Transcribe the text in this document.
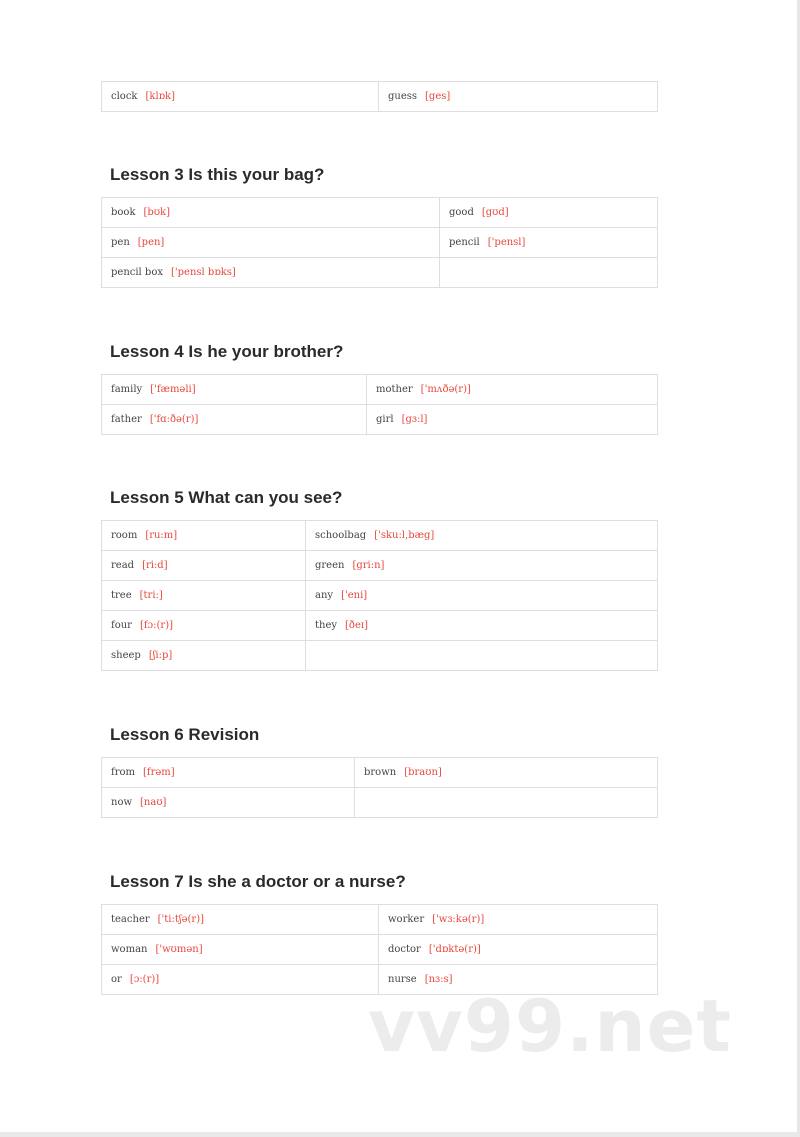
clock [klɒk]	guess [ges]
Lesson 3 Is this your bag?
book [bʊk]	good [gʊd]
pen [pen]	pencil ['pensl]
pencil box ['pensl bɒks]	
Lesson 4 Is he your brother?
family ['fæməli]	mother ['mʌðə(r)]
father ['fɑ:ðə(r)]	girl [gɜ:l]
Lesson 5 What can you see?
room [ru:m]	schoolbag ['sku:l,bæg]
read [ri:d]	green [gri:n]
tree [tri:]	any ['eni]
four [fɔ:(r)]	they [ðeɪ]
sheep [ʃi:p]	
Lesson 6 Revision
from [frəm]	brown [braʊn]
now [naʊ]	
Lesson 7 Is she a doctor or a nurse?
teacher ['ti:tʃə(r)]	worker ['wɜ:kə(r)]
woman ['wʊmən]	doctor ['dɒktə(r)]
or [ɔ:(r)]	nurse [nɜ:s]
vv99.net
